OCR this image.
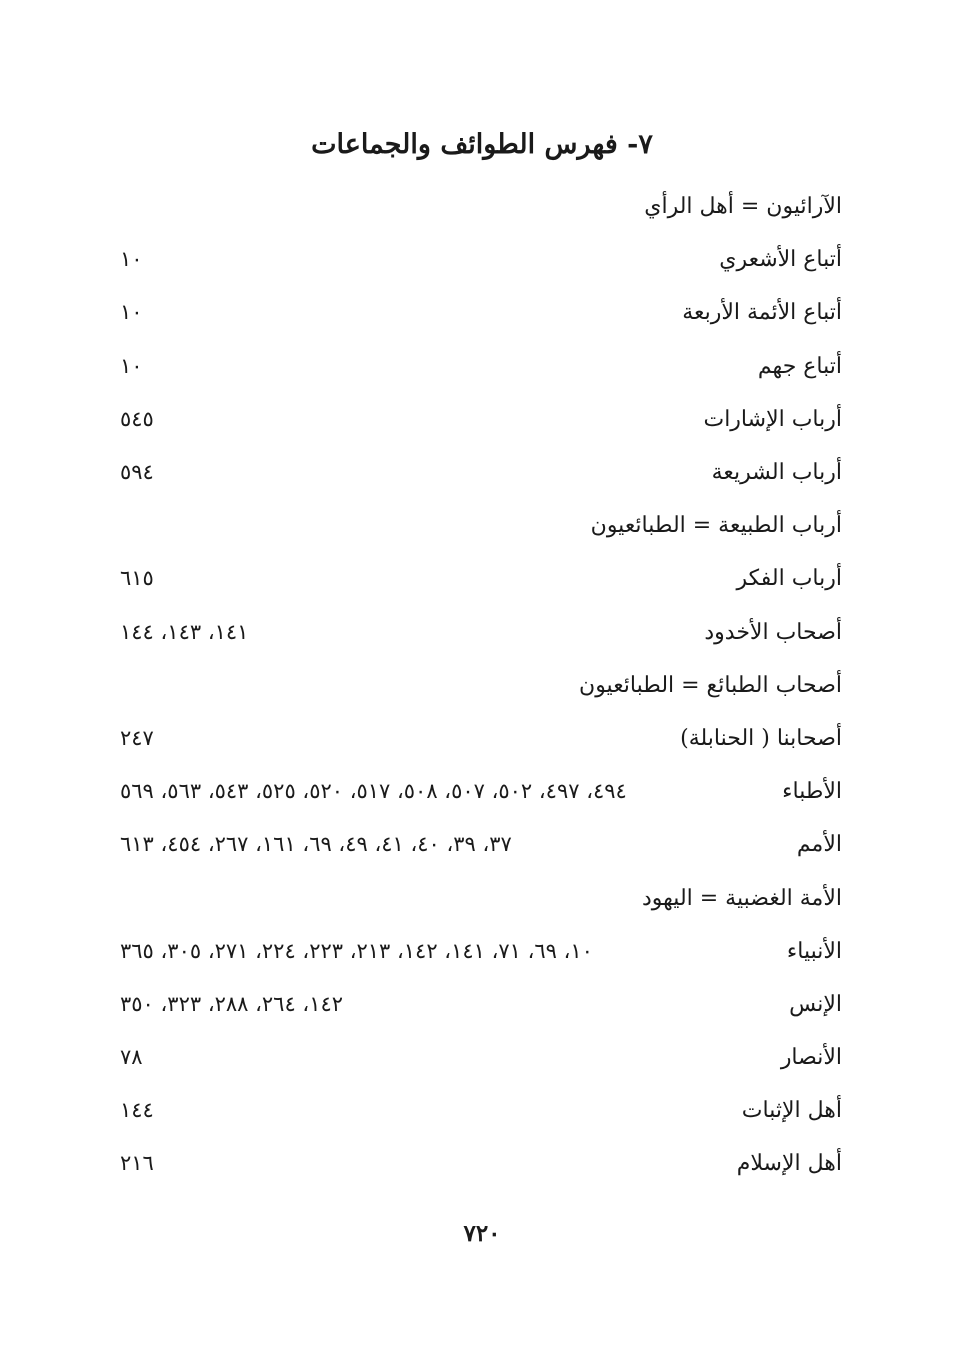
٧- فهرس الطوائف والجماعات
الآرائيون = أهل الرأي
أتباع الأشعري
١٠
أتباع الأئمة الأربعة
١٠
أتباع جهم
١٠
أرباب الإشارات
٥٤٥
أرباب الشريعة
٥٩٤
أرباب الطبيعة = الطبائعيون
أرباب الفكر
٦١٥
أصحاب الأخدود
١٤١، ١٤٣، ١٤٤
أصحاب الطبائع = الطبائعيون
أصحابنا ( الحنابلة)
٢٤٧
الأطباء
٤٩٤، ٤٩٧، ٥٠٢، ٥٠٧، ٥٠٨، ٥١٧، ٥٢٠، ٥٢٥، ٥٤٣، ٥٦٣، ٥٦٩
الأمم
٣٧، ٣٩، ٤٠، ٤١، ٤٩، ٦٩، ١٦١، ٢٦٧، ٤٥٤، ٦١٣
الأمة الغضبية = اليهود
الأنبياء
١٠، ٦٩، ٧١، ١٤١، ١٤٢، ٢١٣، ٢٢٣، ٢٢٤، ٢٧١، ٣٠٥، ٣٦٥
الإنس
١٤٢، ٢٦٤، ٢٨٨، ٣٢٣، ٣٥٠
الأنصار
٧٨
أهل الإثبات
١٤٤
أهل الإسلام
٢١٦
٧٢٠
